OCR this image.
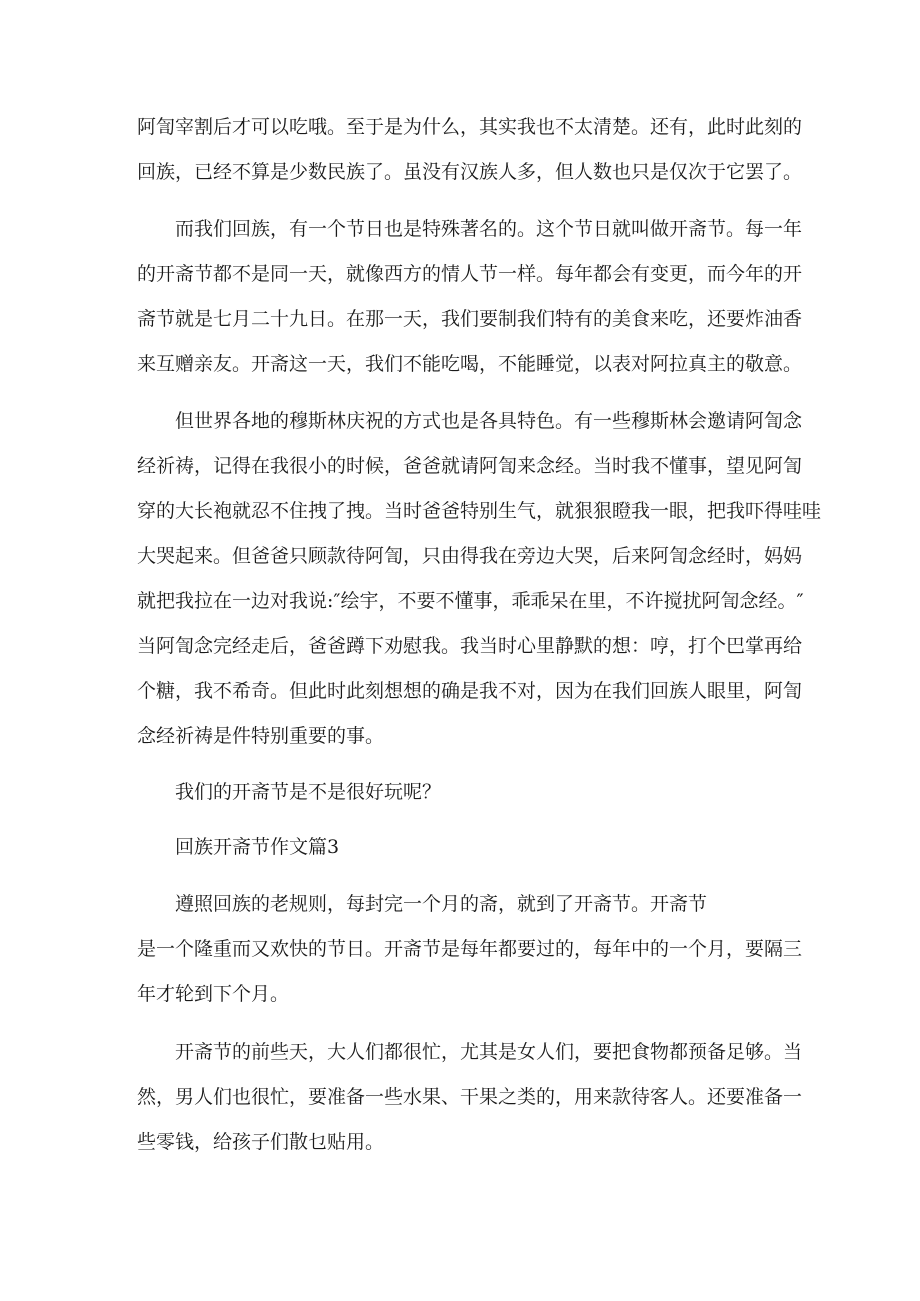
阿訇宰割后才可以吃哦。至于是为什么，其实我也不太清楚。还有，此时此刻的
回族，已经不算是少数民族了。虽没有汉族人多，但人数也只是仅次于它罢了。
而我们回族，有一个节日也是特殊著名的。这个节日就叫做开斋节。每一年
的开斋节都不是同一天，就像西方的情人节一样。每年都会有变更，而今年的开
斋节就是七月二十九日。在那一天，我们要制我们特有的美食来吃，还要炸油香
来互赠亲友。开斋这一天，我们不能吃喝，不能睡觉，以表对阿拉真主的敬意。
但世界各地的穆斯林庆祝的方式也是各具特色。有一些穆斯林会邀请阿訇念
经祈祷，记得在我很小的时候，爸爸就请阿訇来念经。当时我不懂事，望见阿訇
穿的大长袍就忍不住拽了拽。当时爸爸特别生气，就狠狠瞪我一眼，把我吓得哇哇
大哭起来。但爸爸只顾款待阿訇，只由得我在旁边大哭，后来阿訇念经时，妈妈
就把我拉在一边对我说:″绘宇，不要不懂事，乖乖呆在里，不许搅扰阿訇念经。″
当阿訇念完经走后，爸爸蹲下劝慰我。我当时心里静默的想：哼，打个巴掌再给
个糖，我不希奇。但此时此刻想想的确是我不对，因为在我们回族人眼里，阿訇
念经祈祷是件特别重要的事。
我们的开斋节是不是很好玩呢？
回族开斋节作文篇3
遵照回族的老规则，每封完一个月的斋，就到了开斋节。开斋节
是一个隆重而又欢快的节日。开斋节是每年都要过的，每年中的一个月，要隔三
年才轮到下个月。
开斋节的前些天，大人们都很忙，尤其是女人们，要把食物都预备足够。当
然，男人们也很忙，要准备一些水果、干果之类的，用来款待客人。还要准备一
些零钱，给孩子们散乜贴用。
